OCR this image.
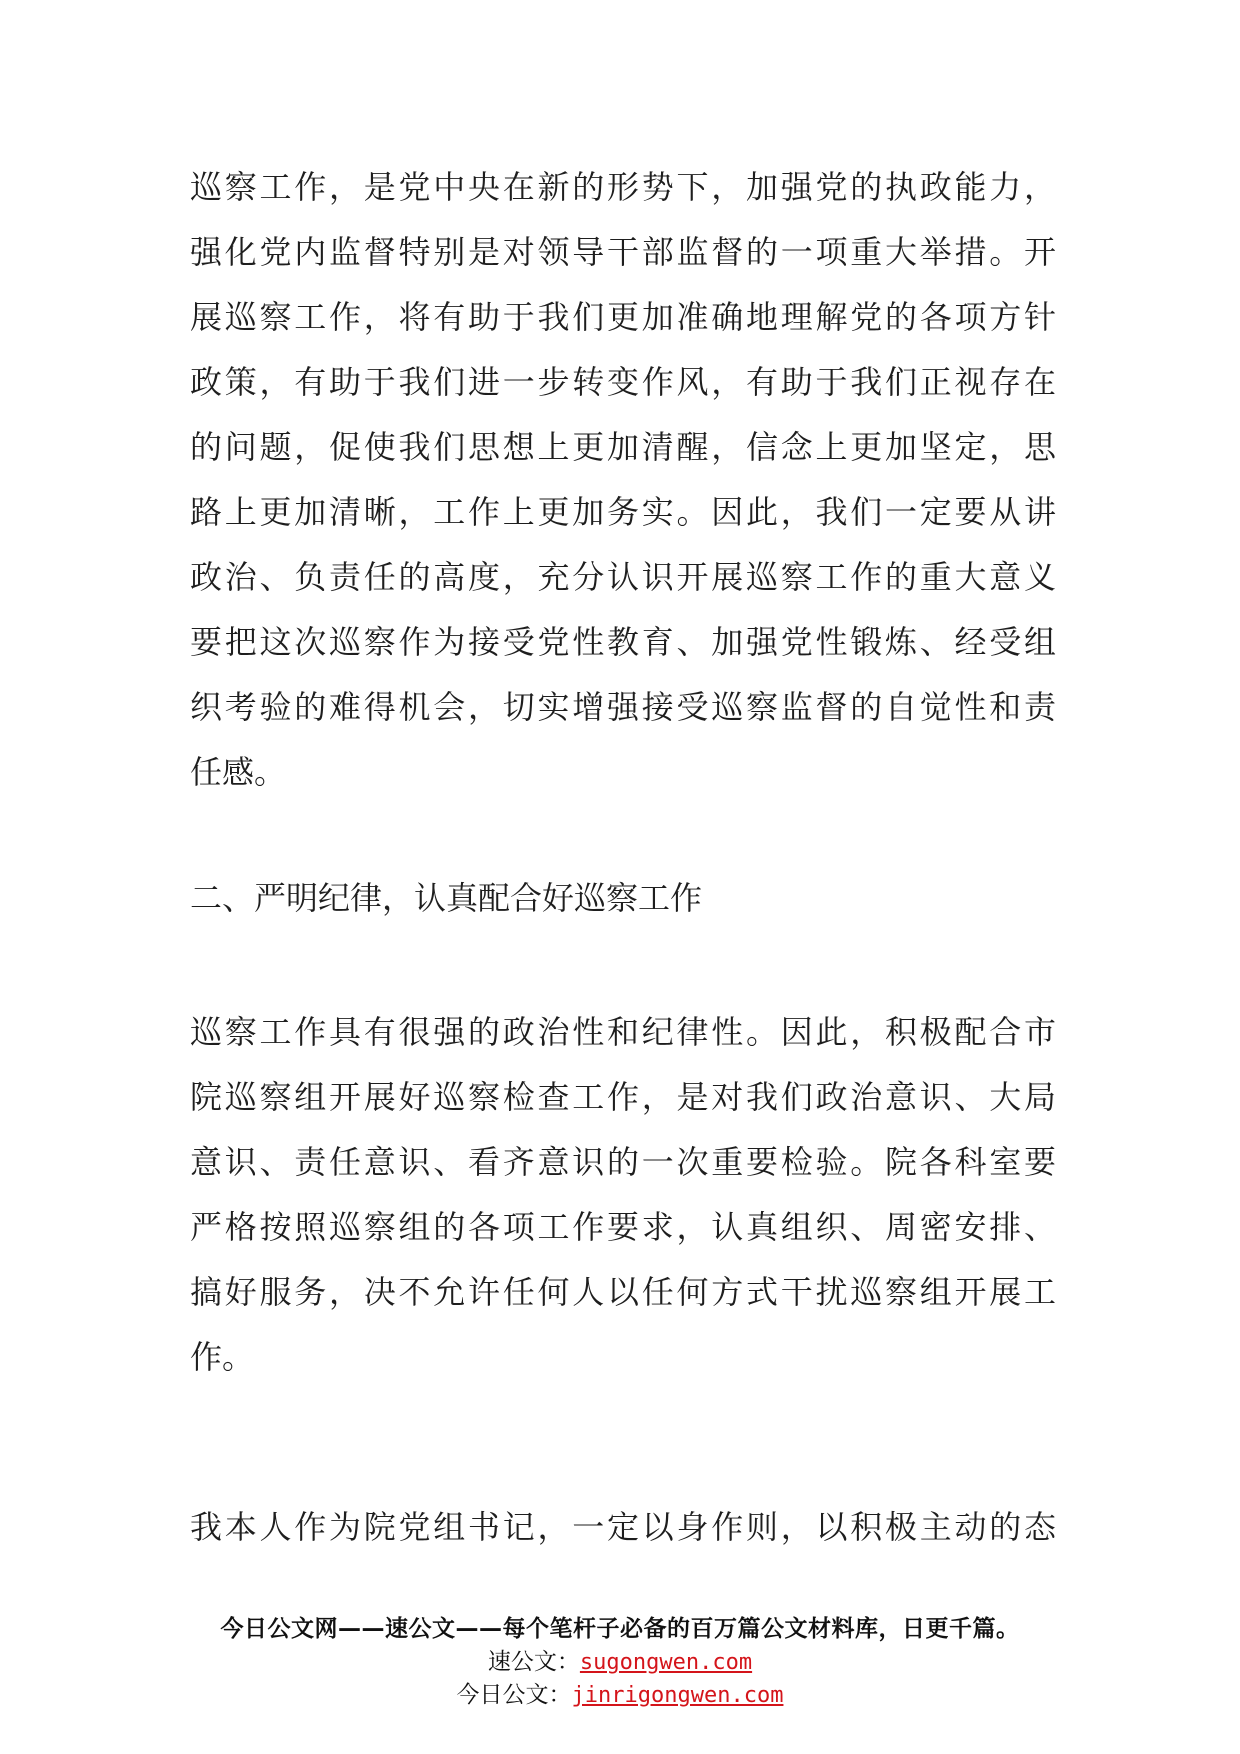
巡察工作，是党中央在新的形势下，加强党的执政能力，
强化党内监督特别是对领导干部监督的一项重大举措。开
展巡察工作，将有助于我们更加准确地理解党的各项方针
政策，有助于我们进一步转变作风，有助于我们正视存在
的问题，促使我们思想上更加清醒，信念上更加坚定，思
路上更加清晰，工作上更加务实。因此，我们一定要从讲
政治、负责任的高度，充分认识开展巡察工作的重大意义
要把这次巡察作为接受党性教育、加强党性锻炼、经受组
织考验的难得机会，切实增强接受巡察监督的自觉性和责
任感。
二、严明纪律，认真配合好巡察工作
巡察工作具有很强的政治性和纪律性。因此，积极配合市
院巡察组开展好巡察检查工作，是对我们政治意识、大局
意识、责任意识、看齐意识的一次重要检验。院各科室要
严格按照巡察组的各项工作要求，认真组织、周密安排、
搞好服务，决不允许任何人以任何方式干扰巡察组开展工
作。
我本人作为院党组书记，一定以身作则，以积极主动的态
今日公文网——速公文——每个笔杆子必备的百万篇公文材料库，日更千篇。
速公文：sugongwen.com
今日公文：jinrigongwen.com
